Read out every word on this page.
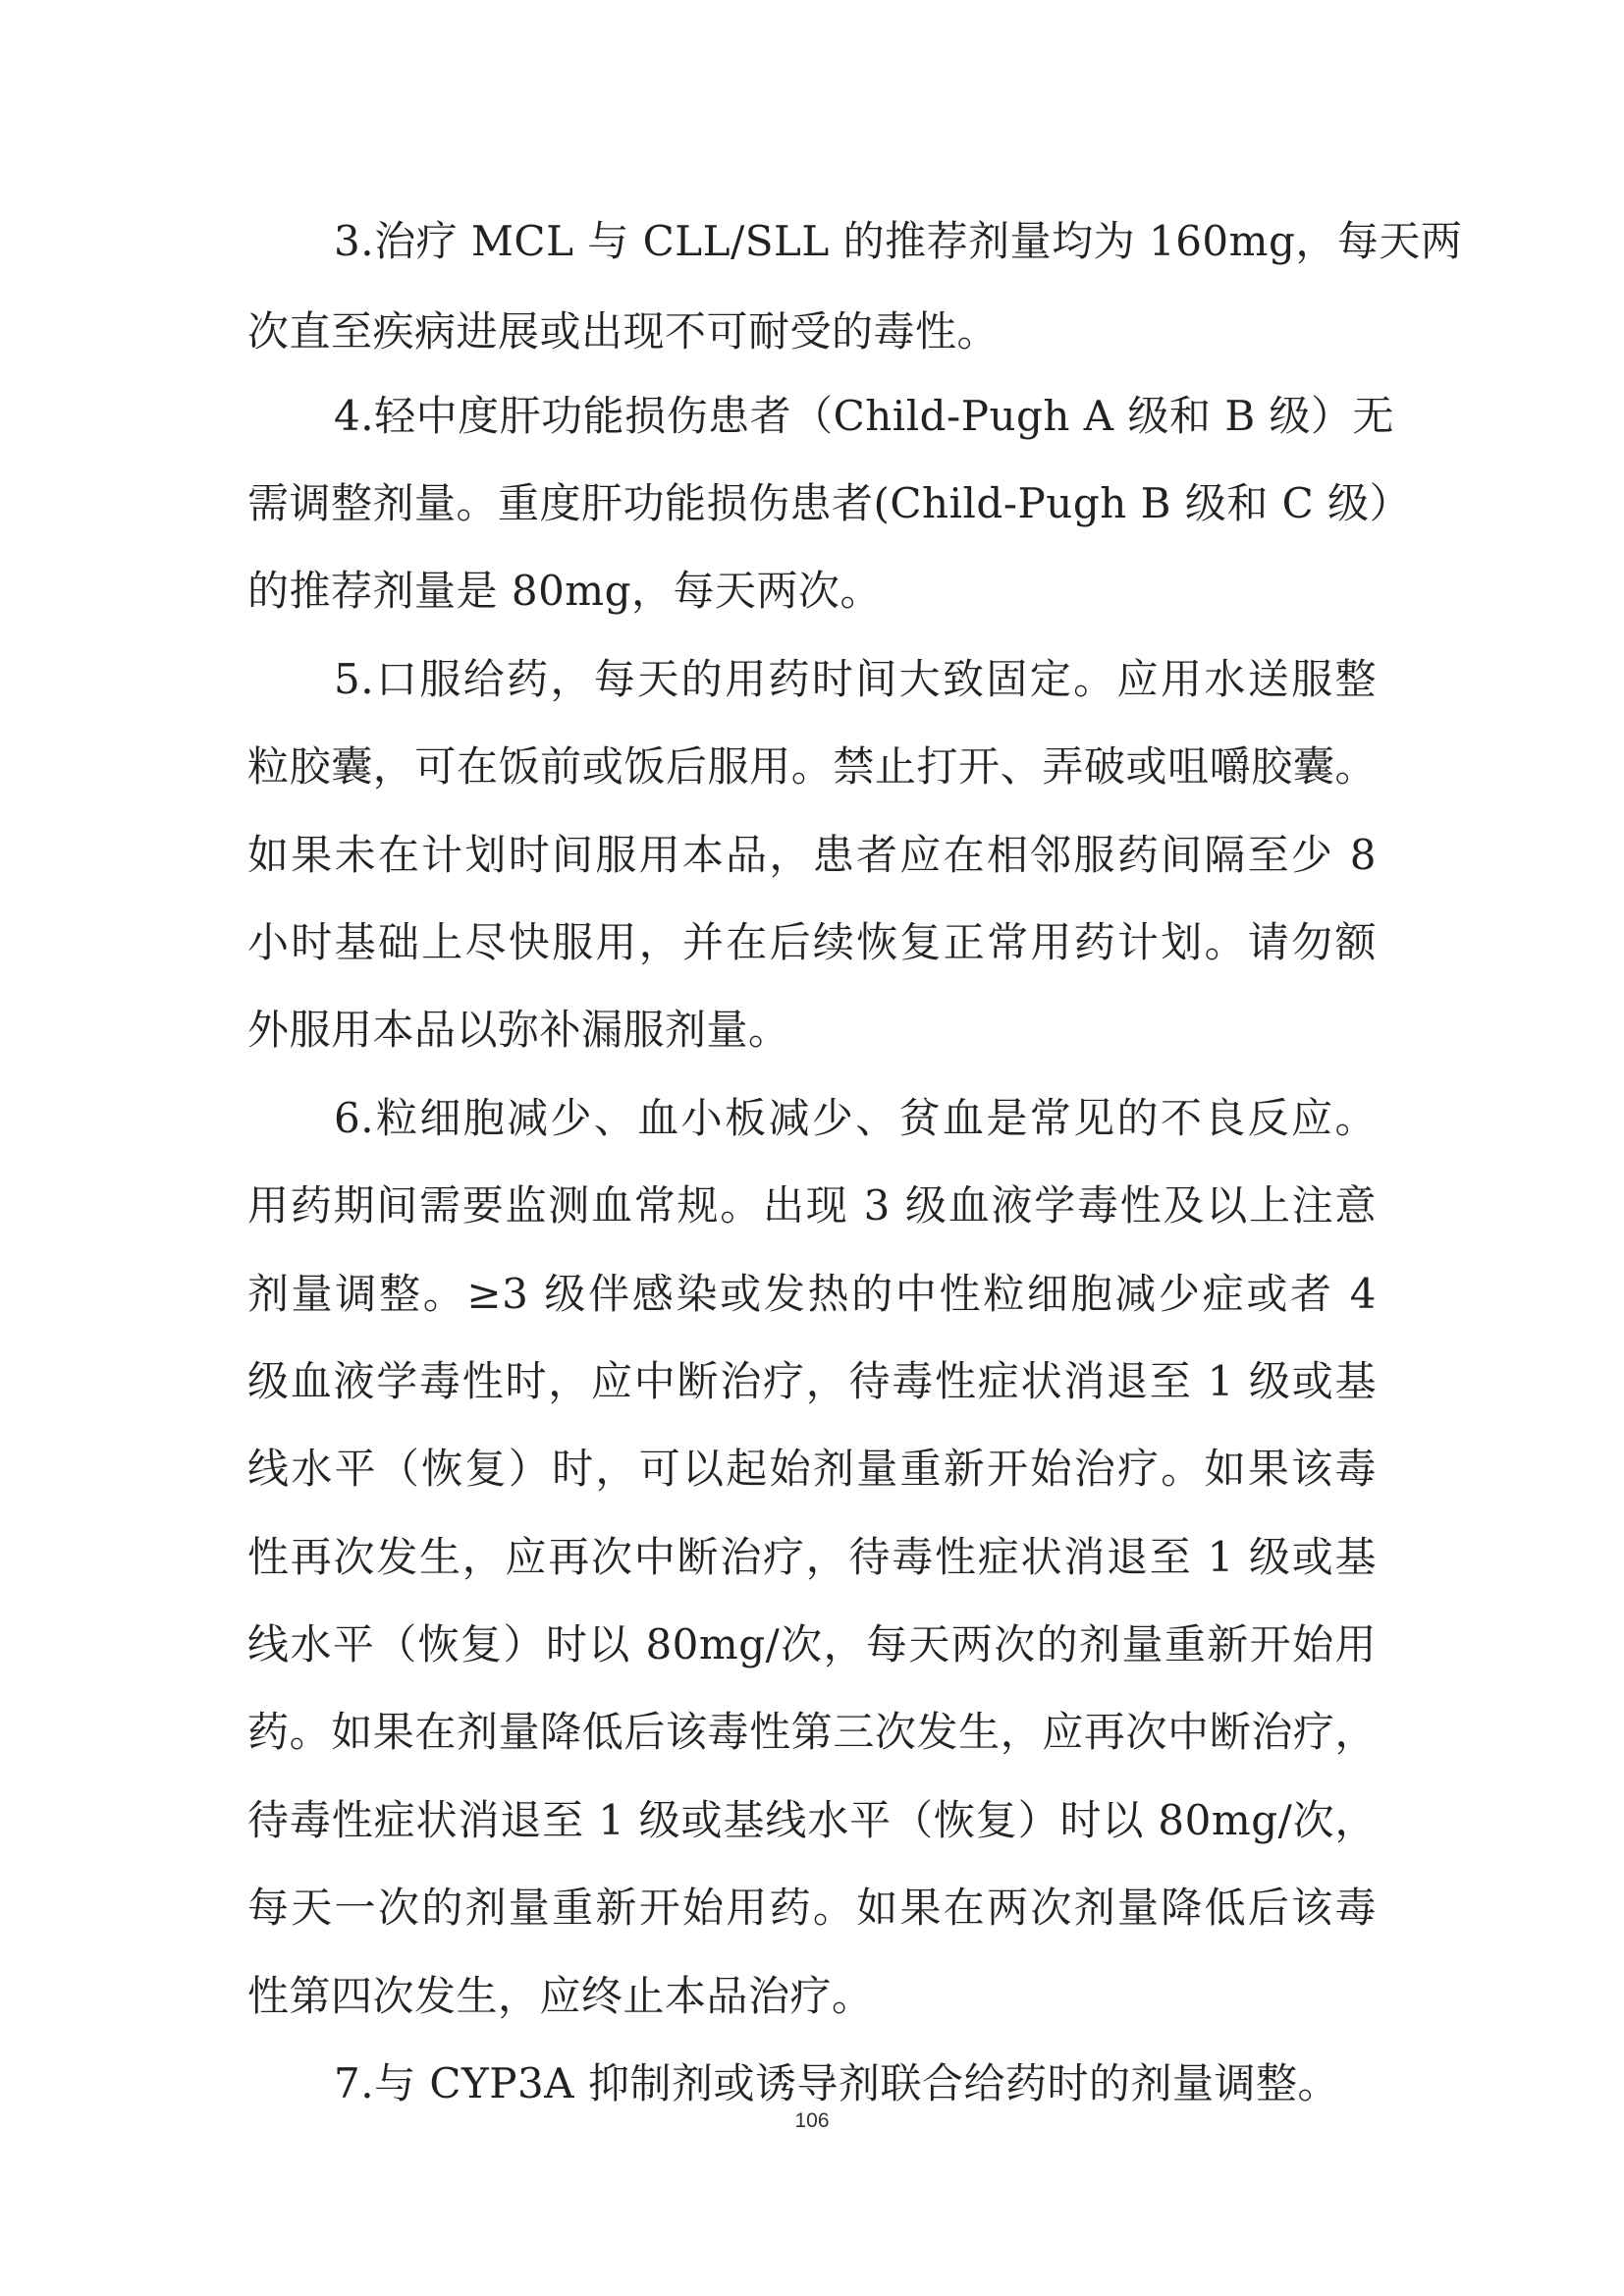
3.治疗 MCL 与 CLL/SLL 的推荐剂量均为 160mg，每天两
次直至疾病进展或出现不可耐受的毒性。
4.轻中度肝功能损伤患者（Child-Pugh A 级和 B 级）无
需调整剂量。重度肝功能损伤患者(Child-Pugh B 级和 C 级）
的推荐剂量是 80mg，每天两次。
5.口服给药，每天的用药时间大致固定。应用水送服整
粒胶囊，可在饭前或饭后服用。禁止打开、弄破或咀嚼胶囊。
如果未在计划时间服用本品，患者应在相邻服药间隔至少 8
小时基础上尽快服用，并在后续恢复正常用药计划。请勿额
外服用本品以弥补漏服剂量。
6.粒细胞减少、血小板减少、贫血是常见的不良反应。
用药期间需要监测血常规。出现 3 级血液学毒性及以上注意
剂量调整。≥3 级伴感染或发热的中性粒细胞减少症或者 4
级血液学毒性时，应中断治疗，待毒性症状消退至 1 级或基
线水平（恢复）时，可以起始剂量重新开始治疗。如果该毒
性再次发生，应再次中断治疗，待毒性症状消退至 1 级或基
线水平（恢复）时以 80mg/次，每天两次的剂量重新开始用
药。如果在剂量降低后该毒性第三次发生，应再次中断治疗，
待毒性症状消退至 1 级或基线水平（恢复）时以 80mg/次，
每天一次的剂量重新开始用药。如果在两次剂量降低后该毒
性第四次发生，应终止本品治疗。
7.与 CYP3A 抑制剂或诱导剂联合给药时的剂量调整。
106
